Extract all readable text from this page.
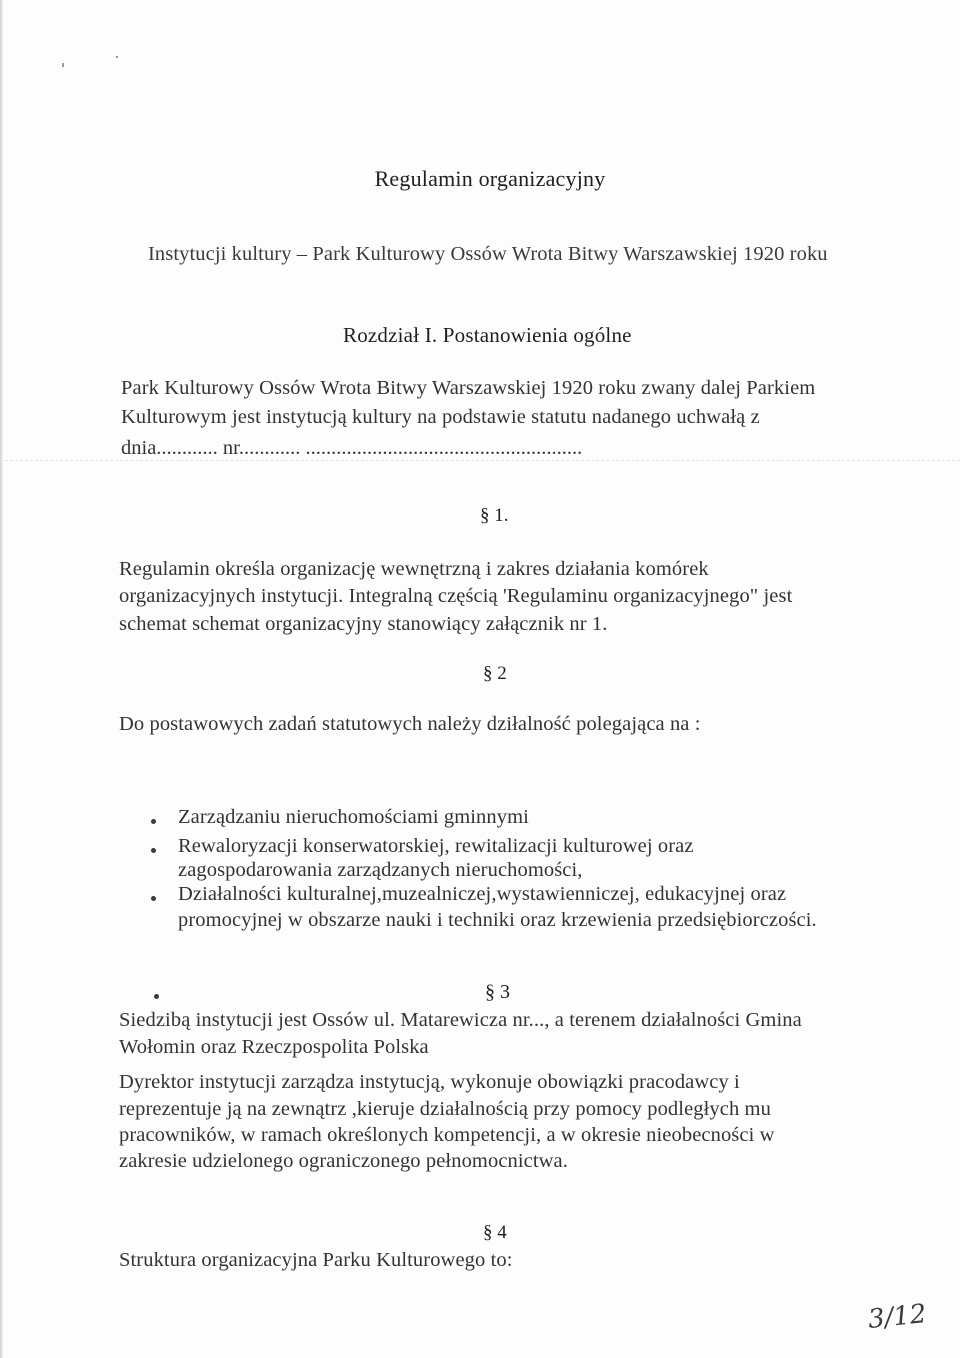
Regulamin organizacyjny
Instytucji kultury – Park Kulturowy Ossów Wrota Bitwy Warszawskiej 1920 roku
Rozdział I. Postanowienia ogólne
Park Kulturowy Ossów Wrota Bitwy Warszawskiej 1920 roku zwany dalej Parkiem
Kulturowym jest instytucją kultury na podstawie statutu nadanego uchwałą z
dnia............ nr............ ......................................................
§ 1.
Regulamin określa organizację wewnętrzną i zakres działania komórek
organizacyjnych instytucji. Integralną częścią 'Regulaminu organizacyjnego" jest
schemat schemat organizacyjny stanowiący załącznik nr 1.
§ 2
Do postawowych zadań statutowych należy dziłalność polegająca na :
Zarządzaniu nieruchomościami gminnymi
Rewaloryzacji konserwatorskiej, rewitalizacji kulturowej oraz
zagospodarowania zarządzanych nieruchomości,
Działalności kulturalnej,muzealniczej,wystawienniczej, edukacyjnej oraz
promocyjnej w obszarze nauki i techniki oraz krzewienia przedsiębiorczości.
§ 3
Siedzibą instytucji jest Ossów ul. Matarewicza nr..., a terenem działalności Gmina
Wołomin oraz Rzeczpospolita Polska
Dyrektor instytucji zarządza instytucją, wykonuje obowiązki pracodawcy i
reprezentuje ją na zewnątrz ,kieruje działalnością przy pomocy podległych mu
pracowników, w ramach określonych kompetencji, a w okresie nieobecności w
zakresie udzielonego ograniczonego pełnomocnictwa.
§ 4
Struktura organizacyjna Parku Kulturowego to:
3/12
